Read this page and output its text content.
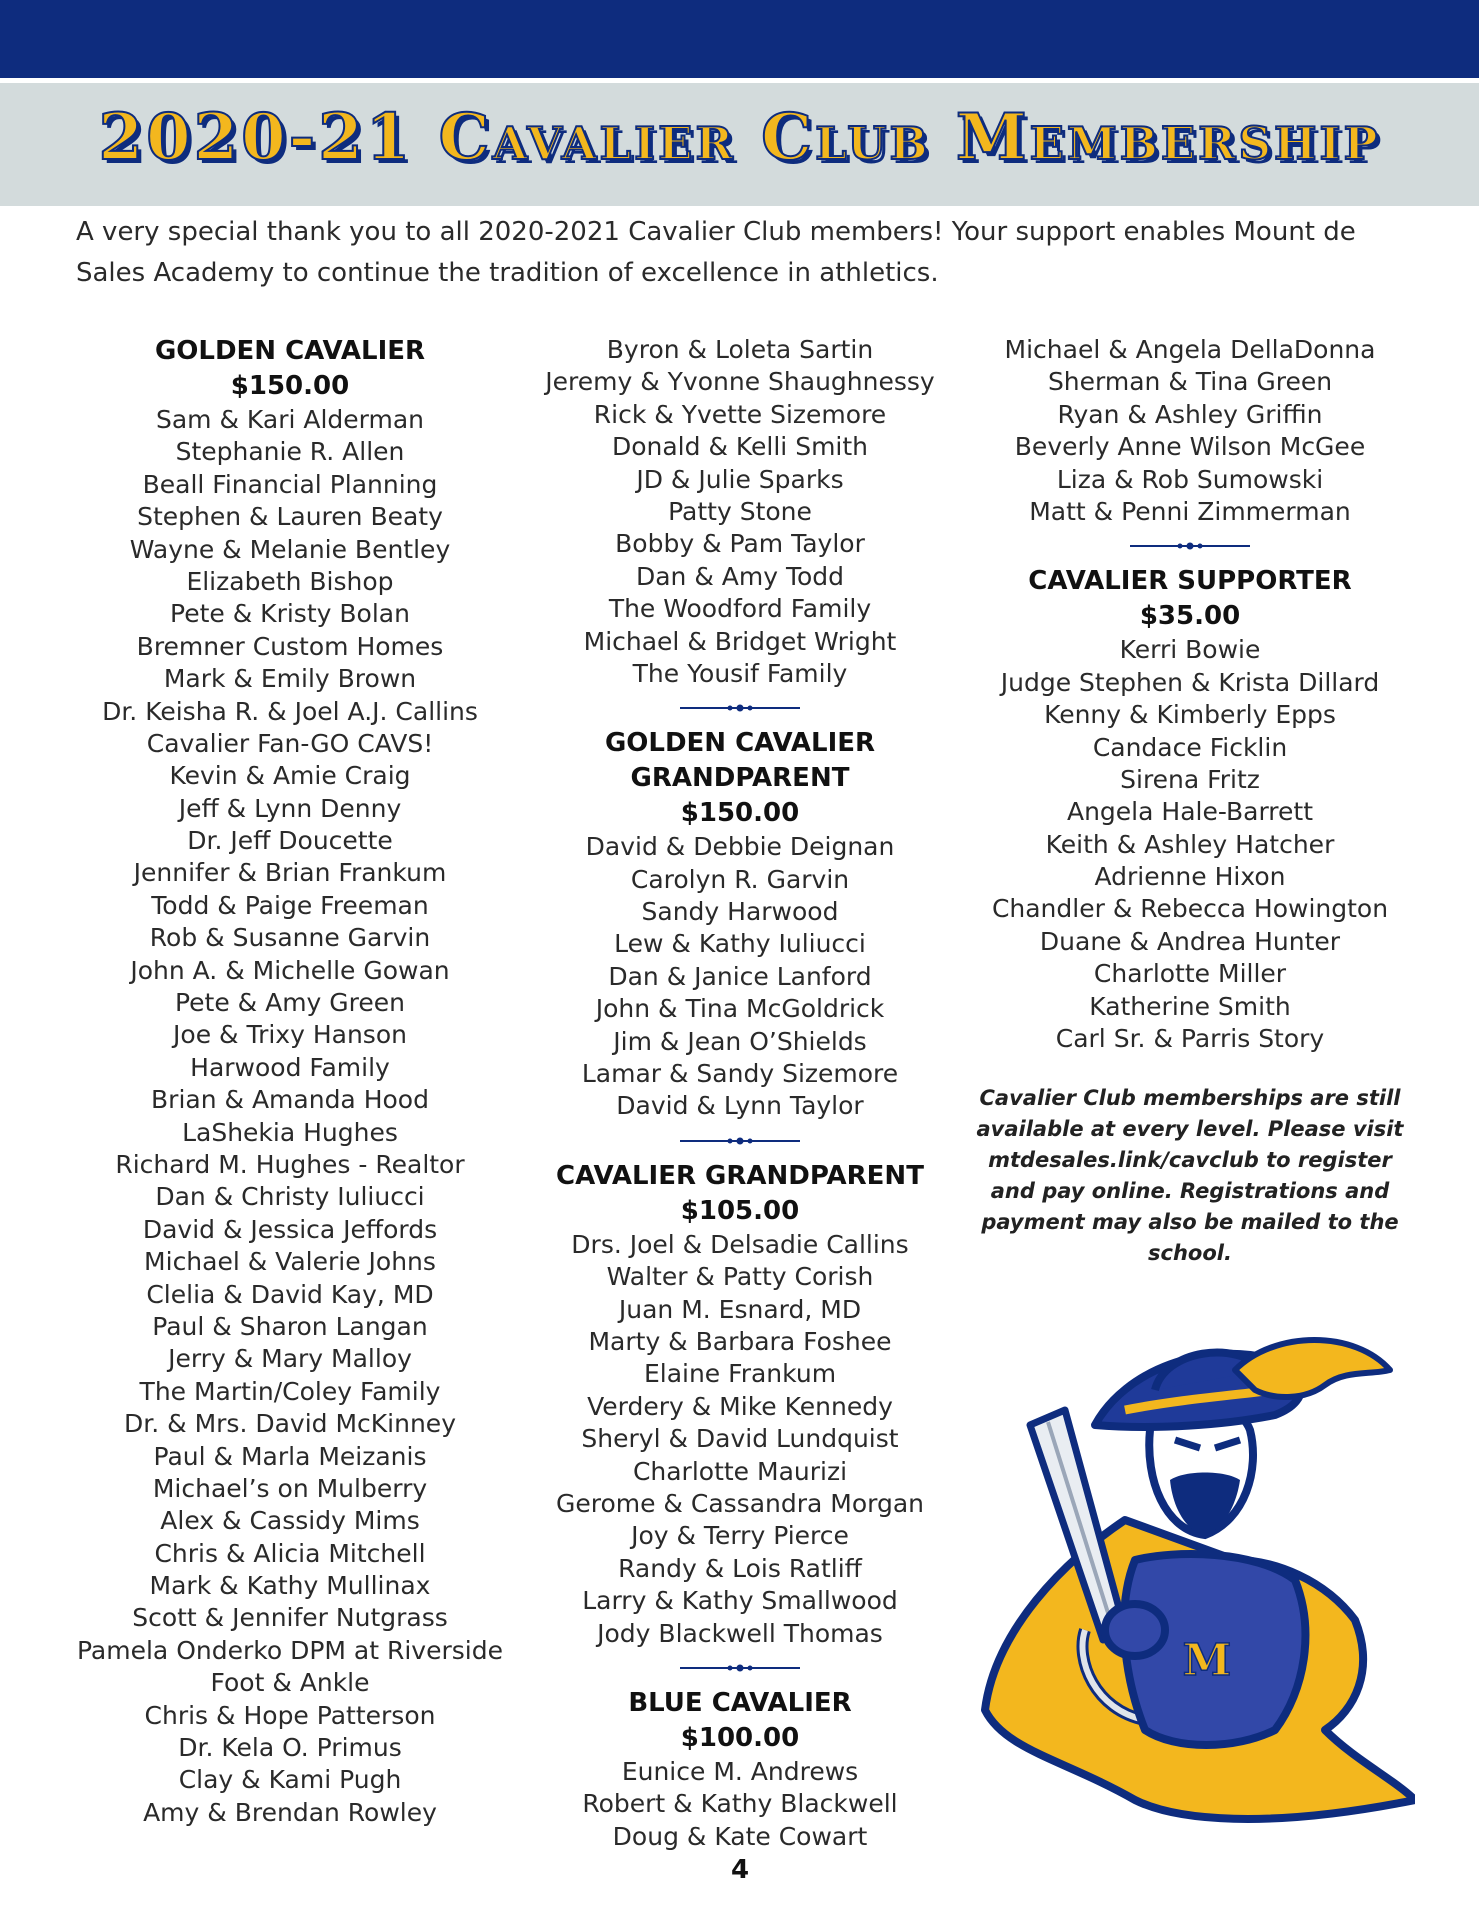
2020-21 Cavalier Club Membership
A very special thank you to all 2020-2021 Cavalier Club members! Your support enables Mount de Sales Academy to continue the tradition of excellence in athletics.
GOLDEN CAVALIER
$150.00
Sam & Kari Alderman
Stephanie R. Allen
Beall Financial Planning
Stephen & Lauren Beaty
Wayne & Melanie Bentley
Elizabeth Bishop
Pete & Kristy Bolan
Bremner Custom Homes
Mark & Emily Brown
Dr. Keisha R. & Joel A.J. Callins
Cavalier Fan-GO CAVS!
Kevin & Amie Craig
Jeff & Lynn Denny
Dr. Jeff Doucette
Jennifer & Brian Frankum
Todd & Paige Freeman
Rob & Susanne Garvin
John A. & Michelle Gowan
Pete & Amy Green
Joe & Trixy Hanson
Harwood Family
Brian & Amanda Hood
LaShekia Hughes
Richard M. Hughes - Realtor
Dan & Christy Iuliucci
David & Jessica Jeffords
Michael & Valerie Johns
Clelia & David Kay, MD
Paul & Sharon Langan
Jerry & Mary Malloy
The Martin/Coley Family
Dr. & Mrs. David McKinney
Paul & Marla Meizanis
Michael’s on Mulberry
Alex & Cassidy Mims
Chris & Alicia Mitchell
Mark & Kathy Mullinax
Scott & Jennifer Nutgrass
Pamela Onderko DPM at Riverside
Foot & Ankle
Chris & Hope Patterson
Dr. Kela O. Primus
Clay & Kami Pugh
Amy & Brendan Rowley
Byron & Loleta Sartin
Jeremy & Yvonne Shaughnessy
Rick & Yvette Sizemore
Donald & Kelli Smith
JD & Julie Sparks
Patty Stone
Bobby & Pam Taylor
Dan & Amy Todd
The Woodford Family
Michael & Bridget Wright
The Yousif Family
GOLDEN CAVALIER
GRANDPARENT
$150.00
David & Debbie Deignan
Carolyn R. Garvin
Sandy Harwood
Lew & Kathy Iuliucci
Dan & Janice Lanford
John & Tina McGoldrick
Jim & Jean O’Shields
Lamar & Sandy Sizemore
David & Lynn Taylor
CAVALIER GRANDPARENT
$105.00
Drs. Joel & Delsadie Callins
Walter & Patty Corish
Juan M. Esnard, MD
Marty & Barbara Foshee
Elaine Frankum
Verdery & Mike Kennedy
Sheryl & David Lundquist
Charlotte Maurizi
Gerome & Cassandra Morgan
Joy & Terry Pierce
Randy & Lois Ratliff
Larry & Kathy Smallwood
Jody Blackwell Thomas
BLUE CAVALIER
$100.00
Eunice M. Andrews
Robert & Kathy Blackwell
Doug & Kate Cowart
Michael & Angela DellaDonna
Sherman & Tina Green
Ryan & Ashley Griffin
Beverly Anne Wilson McGee
Liza & Rob Sumowski
Matt & Penni Zimmerman
CAVALIER SUPPORTER
$35.00
Kerri Bowie
Judge Stephen & Krista Dillard
Kenny & Kimberly Epps
Candace Ficklin
Sirena Fritz
Angela Hale-Barrett
Keith & Ashley Hatcher
Adrienne Hixon
Chandler & Rebecca Howington
Duane & Andrea Hunter
Charlotte Miller
Katherine Smith
Carl Sr. & Parris Story
Cavalier Club memberships are still available at every level. Please visit mtdesales.link/cavclub to register and pay online. Registrations and payment may also be mailed to the school.
M
4
